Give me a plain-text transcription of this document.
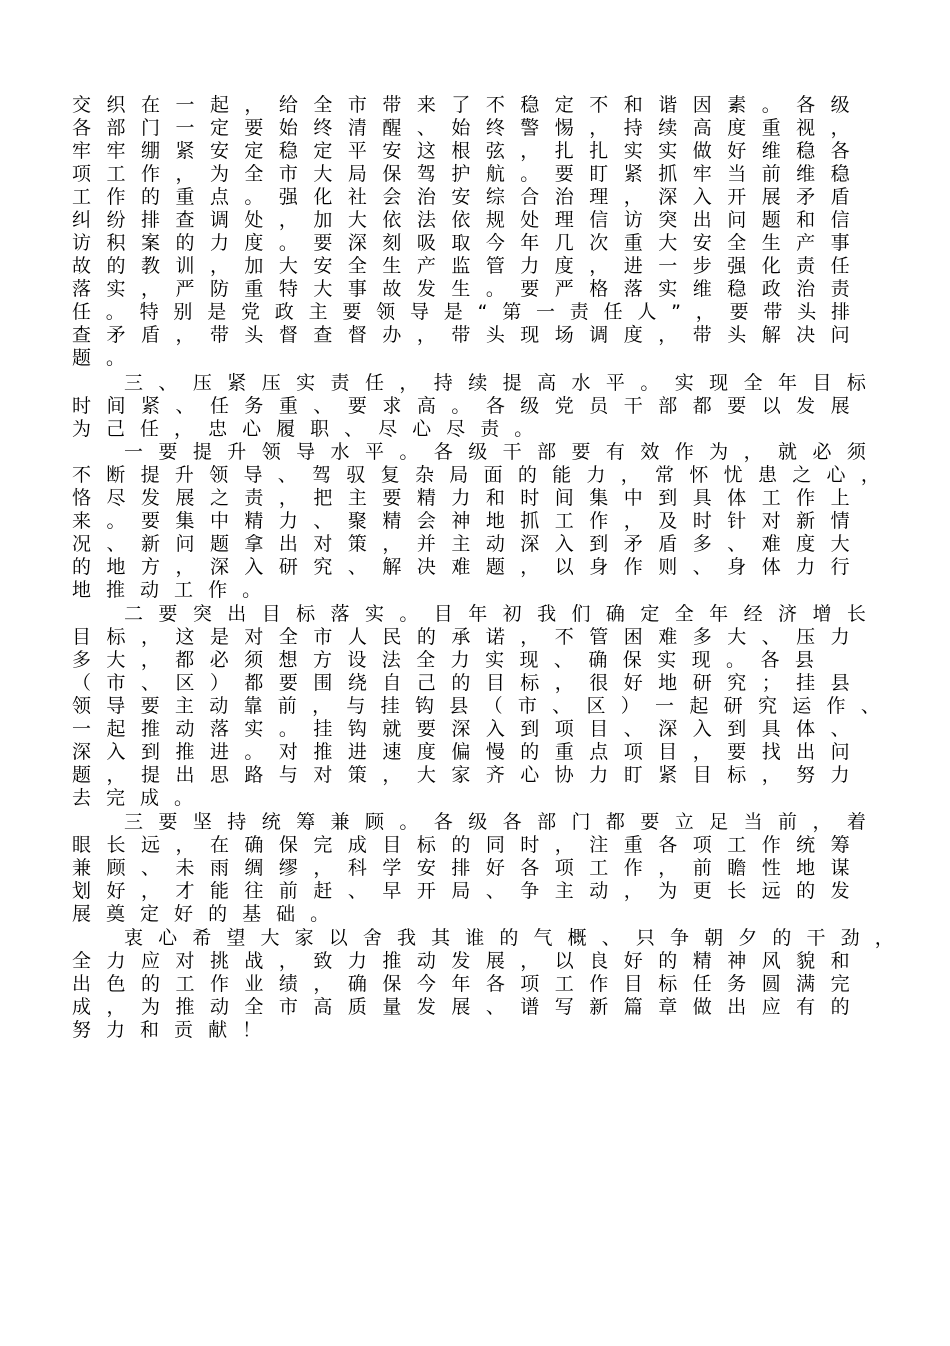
交 织 在 一 起 ， 给 全 市 带 来 了 不 稳 定 不 和 谐 因 素 。 各 级
各 部 门 一 定 要 始 终 清 醒 、 始 终 警 惕 ， 持 续 高 度 重 视 ，
牢 牢 绷 紧 安 定 稳 定 平 安 这 根 弦 ， 扎 扎 实 实 做 好 维 稳 各
项 工 作 ， 为 全 市 大 局 保 驾 护 航 。 要 盯 紧 抓 牢 当 前 维 稳
工 作 的 重 点 。 强 化 社 会 治 安 综 合 治 理 ， 深 入 开 展 矛 盾
纠 纷 排 查 调 处 ， 加 大 依 法 依 规 处 理 信 访 突 出 问 题 和 信
访 积 案 的 力 度 。 要 深 刻 吸 取 今 年 几 次 重 大 安 全 生 产 事
故 的 教 训 ， 加 大 安 全 生 产 监 管 力 度 ， 进 一 步 强 化 责 任
落 实 ， 严 防 重 特 大 事 故 发 生 。 要 严 格 落 实 维 稳 政 治 责
任 。 特 别 是 党 政 主 要 领 导 是 “ 第 一 责 任 人 ” ， 要 带 头 排
查 矛 盾 ， 带 头 督 查 督 办 ， 带 头 现 场 调 度 ， 带 头 解 决 问
题 。
三 、 压 紧 压 实 责 任 ， 持 续 提 高 水 平 。 实 现 全 年 目 标
时 间 紧 、 任 务 重 、 要 求 高 。 各 级 党 员 干 部 都 要 以 发 展
为 己 任 ， 忠 心 履 职 、 尽 心 尽 责 。
一 要 提 升 领 导 水 平 。 各 级 干 部 要 有 效 作 为 ， 就 必 须
不 断 提 升 领 导 、 驾 驭 复 杂 局 面 的 能 力 ， 常 怀 忧 患 之 心 ，
恪 尽 发 展 之 责 ， 把 主 要 精 力 和 时 间 集 中 到 具 体 工 作 上
来 。 要 集 中 精 力 、 聚 精 会 神 地 抓 工 作 ， 及 时 针 对 新 情
况 、 新 问 题 拿 出 对 策 ， 并 主 动 深 入 到 矛 盾 多 、 难 度 大
的 地 方 ， 深 入 研 究 、 解 决 难 题 ， 以 身 作 则 、 身 体 力 行
地 推 动 工 作 。
二 要 突 出 目 标 落 实 。 目 年 初 我 们 确 定 全 年 经 济 增 长
目 标 ， 这 是 对 全 市 人 民 的 承 诺 ， 不 管 困 难 多 大 、 压 力
多 大 ， 都 必 须 想 方 设 法 全 力 实 现 、 确 保 实 现 。 各 县
（ 市 、 区 ） 都 要 围 绕 自 己 的 目 标 ， 很 好 地 研 究 ； 挂 县
领 导 要 主 动 靠 前 ， 与 挂 钩 县 （ 市 、 区 ） 一 起 研 究 运 作 、
一 起 推 动 落 实 。 挂 钩 就 要 深 入 到 项 目 、 深 入 到 具 体 、
深 入 到 推 进 。 对 推 进 速 度 偏 慢 的 重 点 项 目 ， 要 找 出 问
题 ， 提 出 思 路 与 对 策 ， 大 家 齐 心 协 力 盯 紧 目 标 ， 努 力
去 完 成 。
三 要 坚 持 统 筹 兼 顾 。 各 级 各 部 门 都 要 立 足 当 前 ， 着
眼 长 远 ， 在 确 保 完 成 目 标 的 同 时 ， 注 重 各 项 工 作 统 筹
兼 顾 、 未 雨 绸 缪 ， 科 学 安 排 好 各 项 工 作 ， 前 瞻 性 地 谋
划 好 ， 才 能 往 前 赶 、 早 开 局 、 争 主 动 ， 为 更 长 远 的 发
展 奠 定 好 的 基 础 。
衷 心 希 望 大 家 以 舍 我 其 谁 的 气 概 、 只 争 朝 夕 的 干 劲 ，
全 力 应 对 挑 战 ， 致 力 推 动 发 展 ， 以 良 好 的 精 神 风 貌 和
出 色 的 工 作 业 绩 ， 确 保 今 年 各 项 工 作 目 标 任 务 圆 满 完
成 ， 为 推 动 全 市 高 质 量 发 展 、 谱 写 新 篇 章 做 出 应 有 的
努 力 和 贡 献 ！
